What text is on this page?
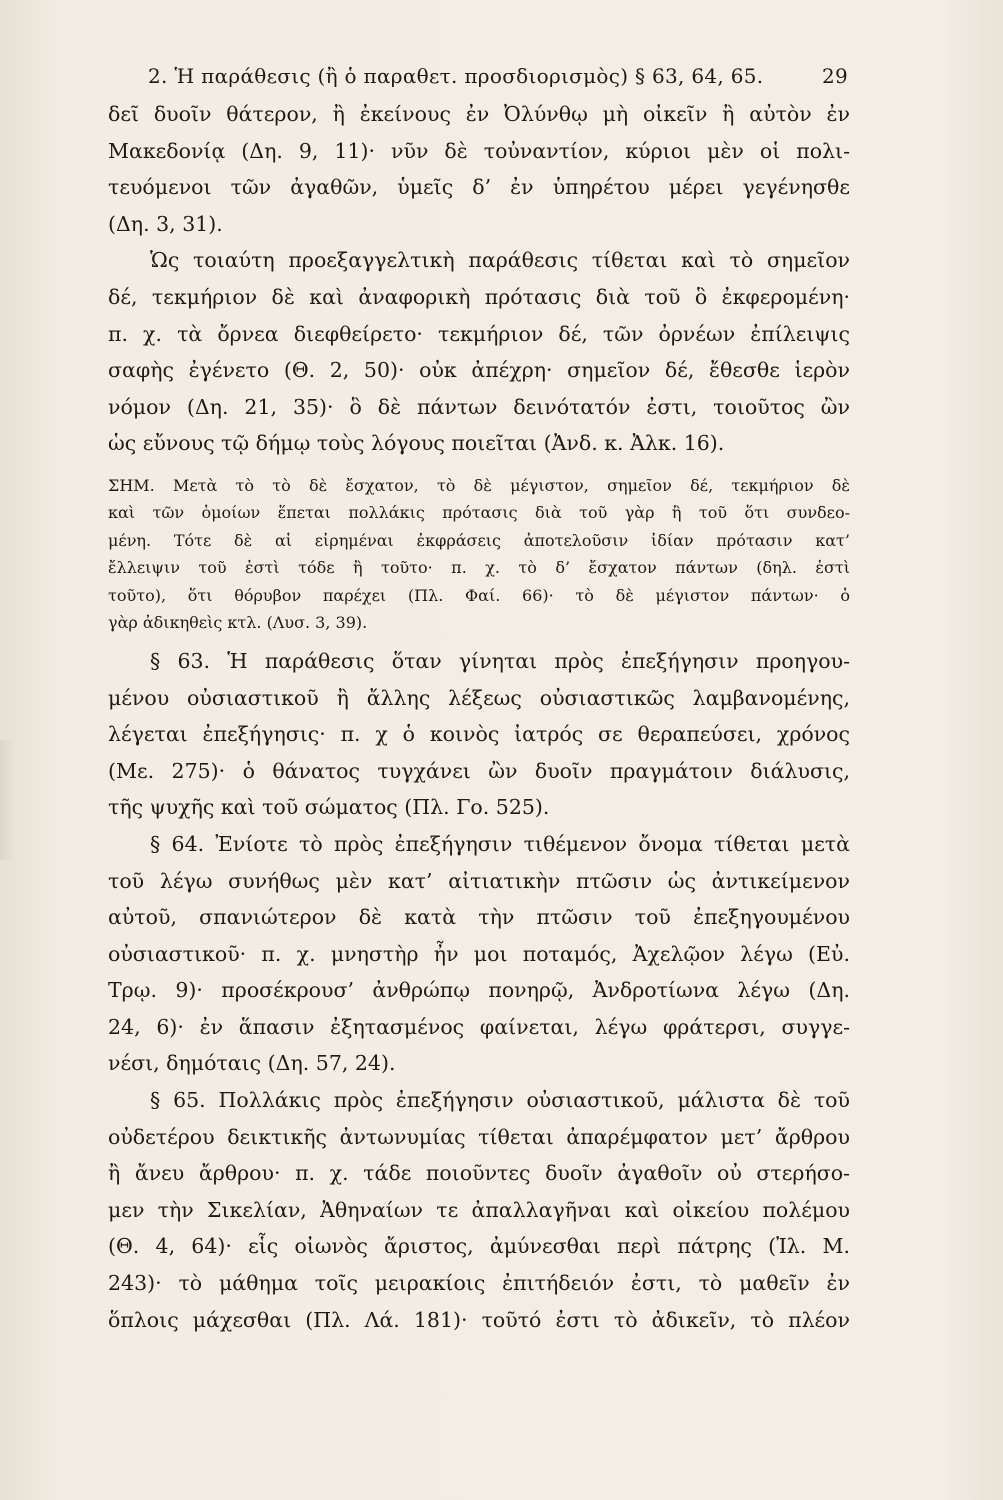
2. Ἡ παράθεσις (ἢ ὁ παραθετ. προσδιορισμὸς) § 63, 64, 65.	29
δεῖ δυοῖν θάτερον, ἢ ἐκείνους ἐν Ὀλύνθῳ μὴ οἰκεῖν ἢ αὐτὸν ἐν
Μακεδονίᾳ (Δη. 9, 11)· νῦν δὲ τοὐναντίον, κύριοι μὲν οἱ πολι-
τευόμενοι τῶν ἀγαθῶν, ὑμεῖς δ’ ἐν ὑπηρέτου μέρει γεγένησθε
(Δη. 3, 31).
Ὡς τοιαύτη προεξαγγελτικὴ παράθεσις τίθεται καὶ τὸ σημεῖον
δέ, τεκμήριον δὲ καὶ ἀναφορικὴ πρότασις διὰ τοῦ ὃ ἐκφερομένη·
π. χ. τὰ ὄρνεα διεφθείρετο· τεκμήριον δέ, τῶν ὀρνέων ἐπίλειψις
σαφὴς ἐγένετο (Θ. 2, 50)· οὐκ ἀπέχρη· σημεῖον δέ, ἔθεσθε ἱερὸν
νόμον (Δη. 21, 35)· ὃ δὲ πάντων δεινότατόν ἐστι, τοιοῦτος ὢν
ὡς εὔνους τῷ δήμῳ τοὺς λόγους ποιεῖται (Ἀνδ. κ. Ἀλκ. 16).
ΣΗΜ. Μετὰ τὸ τὸ δὲ ἔσχατον, τὸ δὲ μέγιστον, σημεῖον δέ, τεκμήριον δὲ
καὶ τῶν ὁμοίων ἕπεται πολλάκις πρότασις διὰ τοῦ γὰρ ἢ τοῦ ὅτι συνδεο-
μένη. Τότε δὲ αἱ εἰρημέναι ἐκφράσεις ἀποτελοῦσιν ἰδίαν πρότασιν κατ’
ἔλλειψιν τοῦ ἐστὶ τόδε ἢ τοῦτο· π. χ. τὸ δ’ ἔσχατον πάντων (δηλ. ἐστὶ
τοῦτο), ὅτι θόρυβον παρέχει (Πλ. Φαί. 66)· τὸ δὲ μέγιστον πάντων· ὁ
γὰρ ἀδικηθεὶς κτλ. (Λυσ. 3, 39).
§ 63. Ἡ παράθεσις ὅταν γίνηται πρὸς ἐπεξήγησιν προηγου-
μένου οὐσιαστικοῦ ἢ ἄλλης λέξεως οὐσιαστικῶς λαμβανομένης,
λέγεται ἐπεξήγησις· π. χ ὁ κοινὸς ἰατρός σε θεραπεύσει, χρόνος
(Με. 275)· ὁ θάνατος τυγχάνει ὢν δυοῖν πραγμάτοιν διάλυσις,
τῆς ψυχῆς καὶ τοῦ σώματος (Πλ. Γο. 525).
§ 64. Ἐνίοτε τὸ πρὸς ἐπεξήγησιν τιθέμενον ὄνομα τίθεται μετὰ
τοῦ λέγω συνήθως μὲν κατ’ αἰτιατικὴν πτῶσιν ὡς ἀντικείμενον
αὐτοῦ, σπανιώτερον δὲ κατὰ τὴν πτῶσιν τοῦ ἐπεξηγουμένου
οὐσιαστικοῦ· π. χ. μνηστὴρ ἦν μοι ποταμός, Ἀχελῷον λέγω (Εὐ.
Τρῳ. 9)· προσέκρουσ’ ἀνθρώπῳ πονηρῷ, Ἀνδροτίωνα λέγω (Δη.
24, 6)· ἐν ἅπασιν ἐξητασμένος φαίνεται, λέγω φράτερσι, συγγε-
νέσι, δημόταις (Δη. 57, 24).
§ 65. Πολλάκις πρὸς ἐπεξήγησιν οὐσιαστικοῦ, μάλιστα δὲ τοῦ
οὐδετέρου δεικτικῆς ἀντωνυμίας τίθεται ἀπαρέμφατον μετ’ ἄρθρου
ἢ ἄνευ ἄρθρου· π. χ. τάδε ποιοῦντες δυοῖν ἀγαθοῖν οὐ στερήσο-
μεν τὴν Σικελίαν, Ἀθηναίων τε ἀπαλλαγῆναι καὶ οἰκείου πολέμου
(Θ. 4, 64)· εἷς οἰωνὸς ἄριστος, ἀμύνεσθαι περὶ πάτρης (Ἰλ. Μ.
243)· τὸ μάθημα τοῖς μειρακίοις ἐπιτήδειόν ἐστι, τὸ μαθεῖν ἐν
ὅπλοις μάχεσθαι (Πλ. Λά. 181)· τοῦτό ἐστι τὸ ἀδικεῖν, τὸ πλέον
